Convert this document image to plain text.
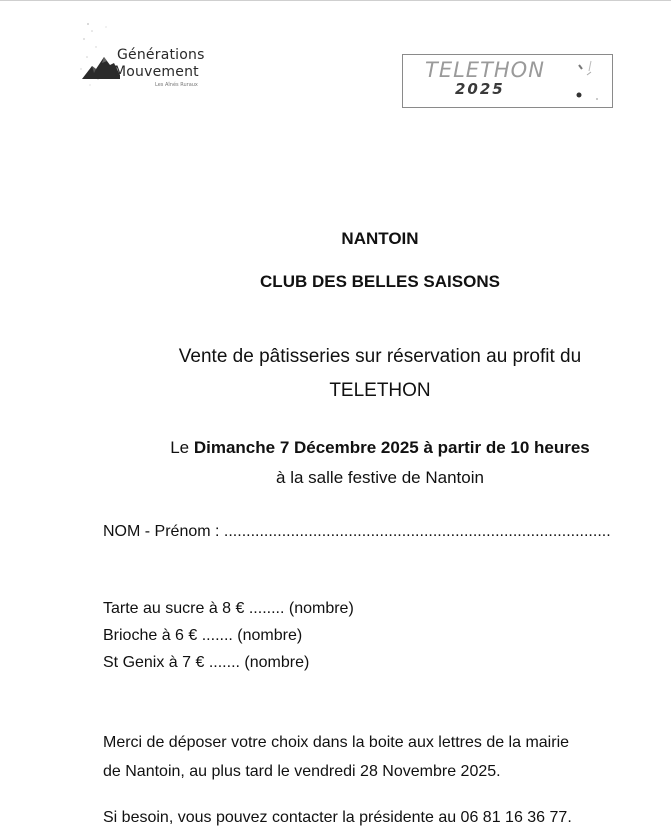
Générations
Mouvement
Les Aînés Ruraux
TELETHON
2025
NANTOIN
CLUB DES BELLES SAISONS
Vente de pâtisseries sur réservation au profit du
TELETHON
Le Dimanche 7 Décembre 2025 à partir de 10 heures
à la salle festive de Nantoin
NOM - Prénom : .......................................................................................
Tarte au sucre à 8 € ........ (nombre)
Brioche à 6 € ....... (nombre)
St Genix à 7 € ....... (nombre)
Merci de déposer votre choix dans la boite aux lettres de la mairie
de Nantoin, au plus tard le vendredi 28 Novembre 2025.
Si besoin, vous pouvez contacter la présidente au 06 81 16 36 77.
